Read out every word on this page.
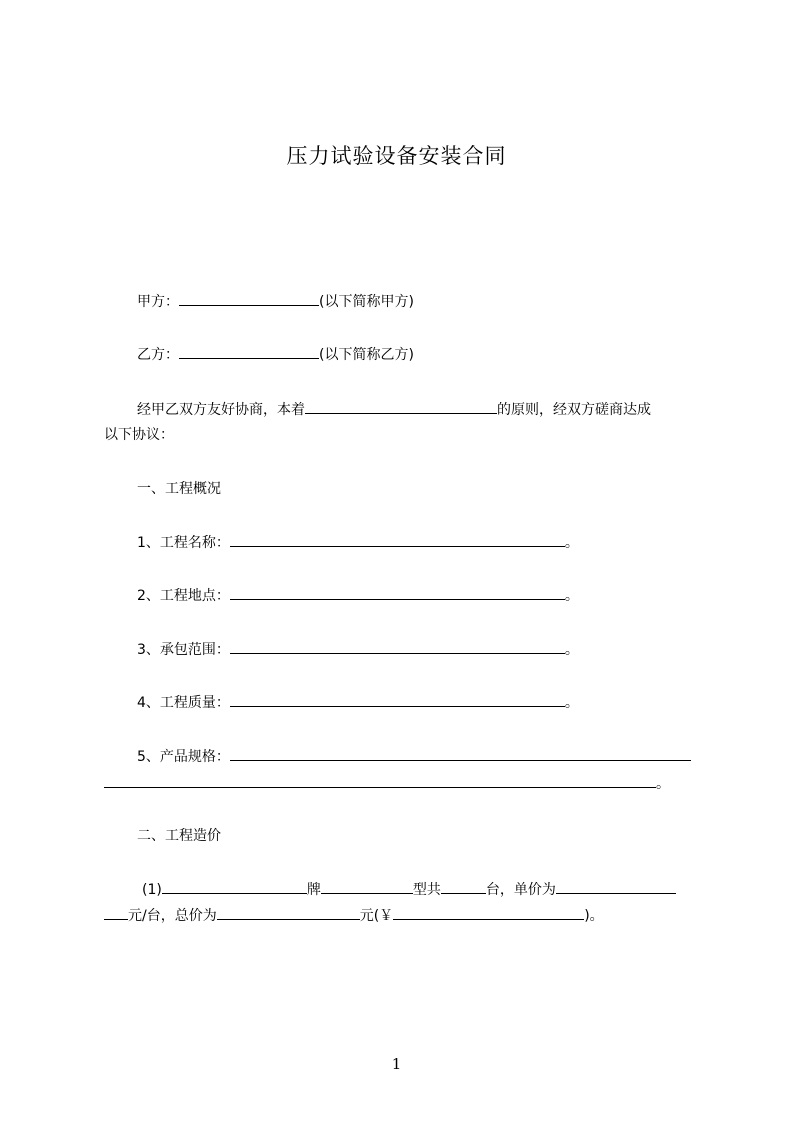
压力试验设备安装合同
甲方：	(以下简称甲方)
乙方：	(以下简称乙方)
经甲乙双方友好协商，本着	的原则，经双方磋商达成
以下协议：
一、工程概况
1、工程名称：	。
2、工程地点：	。
3、承包范围：	。
4、工程质量：	。
5、产品规格：
。
二、工程造价
(1)	牌	型共	台，单价为
元/台，总价为	元(￥	)。
1
